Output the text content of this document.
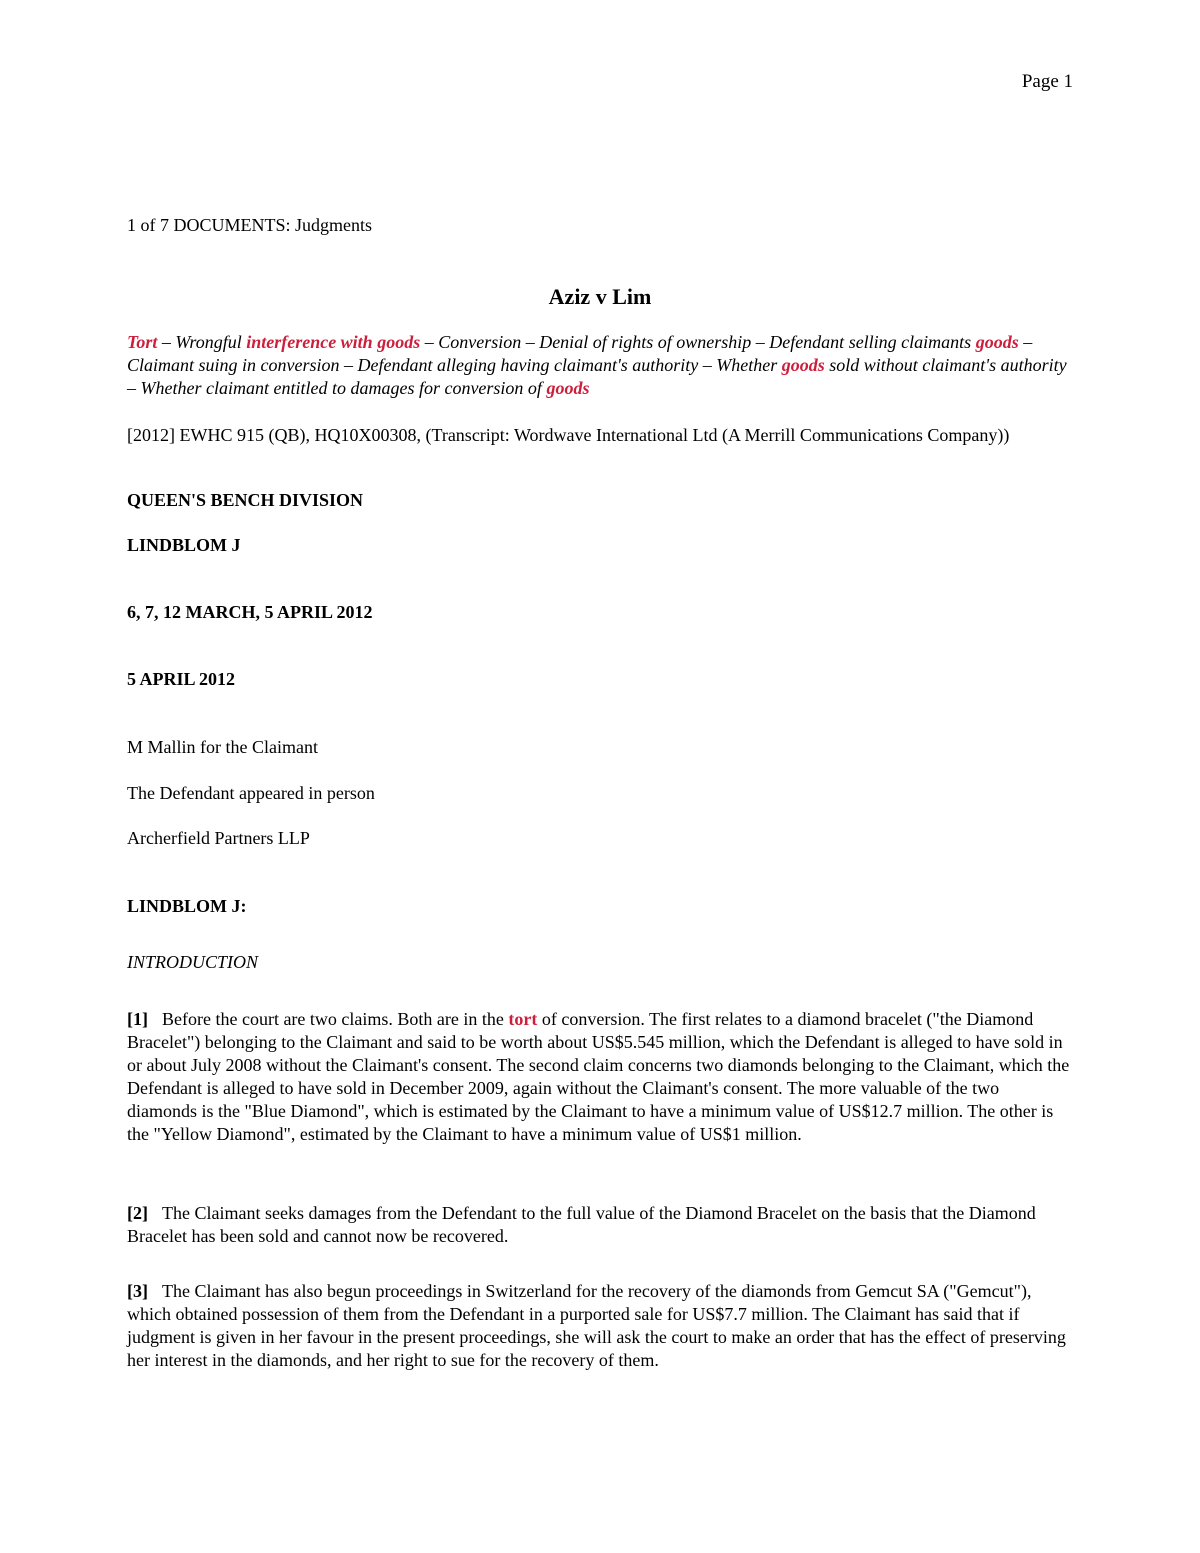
Page 1

1 of 7 DOCUMENTS: Judgments

Aziz v Lim

Tort – Wrongful interference with goods – Conversion – Denial of rights of ownership – Defendant selling claimants goods – Claimant suing in conversion – Defendant alleging having claimant's authority – Whether goods sold without claimant's authority – Whether claimant entitled to damages for conversion of goods

[2012] EWHC 915 (QB), HQ10X00308, (Transcript: Wordwave International Ltd (A Merrill Communications Company))

QUEEN'S BENCH DIVISION

LINDBLOM J

6, 7, 12 MARCH, 5 APRIL 2012

5 APRIL 2012

M Mallin for the Claimant

The Defendant appeared in person

Archerfield Partners LLP

LINDBLOM J:

INTRODUCTION

[1] Before the court are two claims. Both are in the tort of conversion. The first relates to a diamond bracelet ("the Diamond Bracelet") belonging to the Claimant and said to be worth about US$5.545 million, which the Defendant is alleged to have sold in or about July 2008 without the Claimant's consent. The second claim concerns two diamonds belonging to the Claimant, which the Defendant is alleged to have sold in December 2009, again without the Claimant's consent. The more valuable of the two diamonds is the "Blue Diamond", which is estimated by the Claimant to have a minimum value of US$12.7 million. The other is the "Yellow Diamond", estimated by the Claimant to have a minimum value of US$1 million.

[2] The Claimant seeks damages from the Defendant to the full value of the Diamond Bracelet on the basis that the Diamond Bracelet has been sold and cannot now be recovered.

[3] The Claimant has also begun proceedings in Switzerland for the recovery of the diamonds from Gemcut SA ("Gemcut"), which obtained possession of them from the Defendant in a purported sale for US$7.7 million. The Claimant has said that if judgment is given in her favour in the present proceedings, she will ask the court to make an order that has the effect of preserving her interest in the diamonds, and her right to sue for the recovery of them.
